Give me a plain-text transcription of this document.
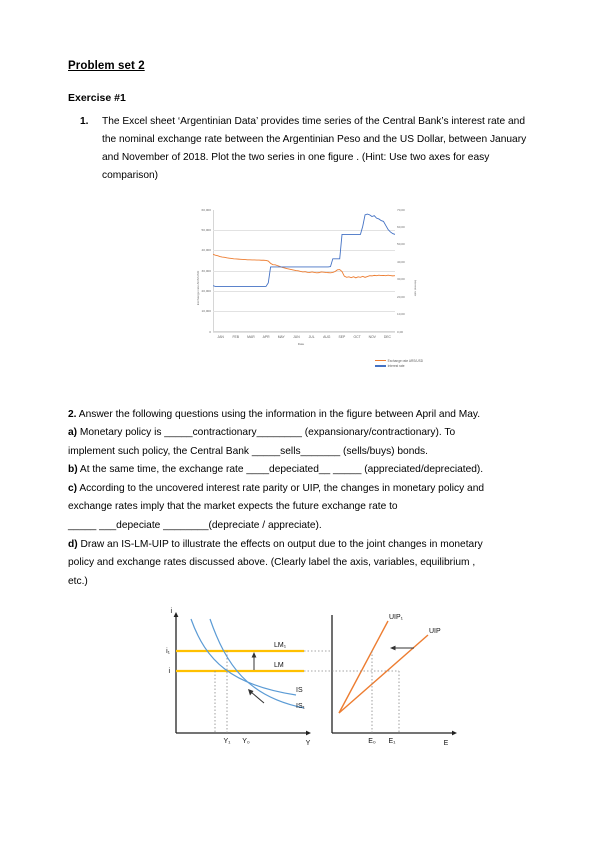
Problem set 2
Exercise #1
1.	The Excel sheet ‘Argentinian Data’ provides time series of the Central Bank’s interest rate and the nominal exchange rate between the Argentinian Peso and the US Dollar, between January and November of 2018. Plot the two series in one figure . (Hint: Use two axes for easy comparison)
Exchange rate ARS/USD	Interest rate
Date
60,000
50,000
40,000
30,000
20,000
10,000
0
70,00
60,00
50,00
40,00
30,00
20,00
10,00
0,00
JAN	FEB MAR APR MAY JUN	JUL AUG SEP OCT NOV DEC
Exchange rate ARS/USD
Interest rate

2. Answer the following questions using the information in the figure between April and May.

a) Monetary policy is _____contractionary________ (expansionary/contractionary). To

implement such policy, the Central Bank _____sells_______ (sells/buys) bonds.

b) At the same time, the exchange rate ____depeciated__ _____ (appreciated/depreciated).

c) According to the uncovered interest rate parity or UIP, the changes in monetary policy and

exchange rates imply that the market expects the future exchange rate to

_____ ___depeciate ________(depreciate / appreciate).

d) Draw an IS-LM-UIP to illustrate the effects on output due to the joint changes in monetary

policy and exchange rates discussed above. (Clearly label the axis, variables, equilibrium ,

etc.)

i
i₁
i
Y₁ Y₀	Y
LM₁
LM
IS
IS₁
UIP₁
UIP
E₀ E₁	E
